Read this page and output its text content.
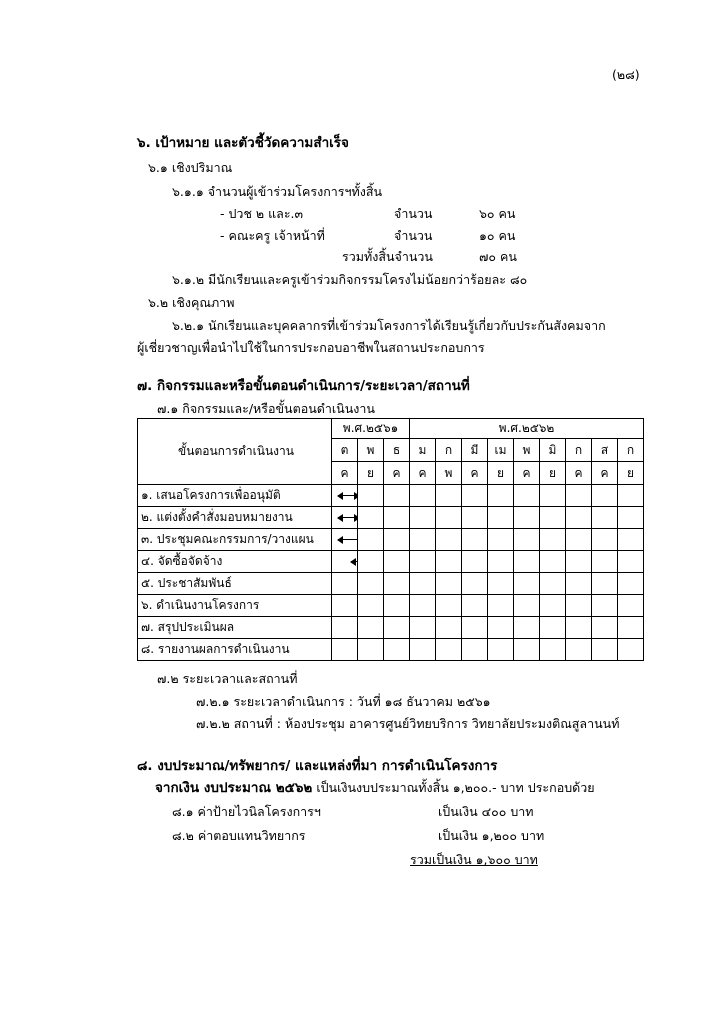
(๒๘)
๖. เป้าหมาย และตัวชี้วัดความสำเร็จ
๖.๑ เชิงปริมาณ
๖.๑.๑ จำนวนผู้เข้าร่วมโครงการฯทั้งสิ้น
- ปวช ๒ และ.๓	จำนวน	๖๐ คน
- คณะครู เจ้าหน้าที่	จำนวน	๑๐ คน
รวมทั้งสิ้นจำนวน	๗๐ คน
๖.๑.๒ มีนักเรียนและครูเข้าร่วมกิจกรรมโครงไม่น้อยกว่าร้อยละ ๘๐
๖.๒ เชิงคุณภาพ
๖.๒.๑ นักเรียนและบุคคลากรที่เข้าร่วมโครงการได้เรียนรู้เกี่ยวกับประกันสังคมจาก
ผู้เชี่ยวชาญเพื่อนำไปใช้ในการประกอบอาชีพในสถานประกอบการ
๗. กิจกรรมและหรือขั้นตอนดำเนินการ/ระยะเวลา/สถานที่
๗.๑ กิจกรรมและ/หรือขั้นตอนดำเนินงาน
ขั้นตอนการดำเนินงาน	พ.ศ.๒๕๖๑			พ.ศ.๒๕๖๒								
	ต	พ	ธ	ม	ก	มี	เม	พ	มิ	ก	ส	ก
	ค	ย	ค	ค	พ	ค	ย	ค	ย	ค	ค	ย
๑. เสนอโครงการเพื่ออนุมัติ	

๒. แต่งตั้งคำสั่งมอบหมายงาน	

๓. ประชุมคณะกรรมการ/วางแผน	

๔. จัดซื้อจัดจ้าง	

๕. ประชาสัมพันธ์	

๖. ดำเนินงานโครงการ	

๗. สรุปประเมินผล	

๘. รายงานผลการดำเนินงาน	

๗.๒ ระยะเวลาและสถานที่
๗.๒.๑ ระยะเวลาดำเนินการ : วันที่ ๑๘ ธันวาคม ๒๕๖๑
๗.๒.๒ สถานที่ : ห้องประชุม อาคารศูนย์วิทยบริการ วิทยาลัยประมงติณสูลานนท์
๘. งบประมาณ/ทรัพยากร/ และแหล่งที่มา การดำเนินโครงการ
จากเงิน งบประมาณ ๒๕๖๒ เป็นเงินงบประมาณทั้งสิ้น ๑,๒๐๐.- บาท ประกอบด้วย
๘.๑ ค่าป้ายไวนิลโครงการฯ	เป็นเงิน ๔๐๐ บาท
๘.๒ ค่าตอบแทนวิทยากร	เป็นเงิน ๑,๒๐๐ บาท
รวมเป็นเงิน ๑,๖๐๐ บาท
